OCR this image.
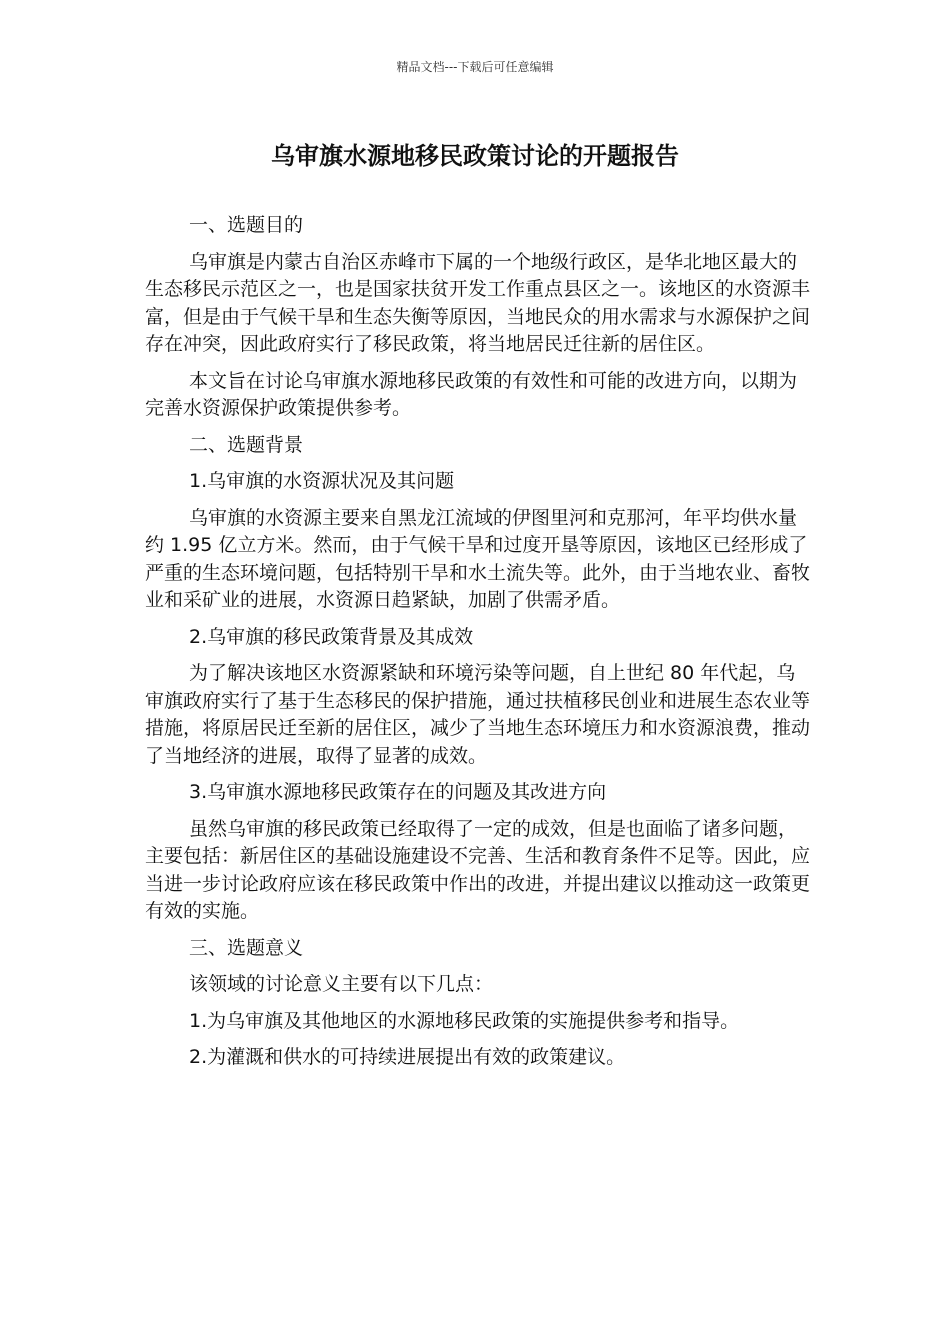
精品文档---下载后可任意编辑
乌审旗水源地移民政策讨论的开题报告
一、选题目的

乌审旗是内蒙古自治区赤峰市下属的一个地级行政区，是华北地区最大的生态移民示范区之一，也是国家扶贫开发工作重点县区之一。该地区的水资源丰富，但是由于气候干旱和生态失衡等原因，当地民众的用水需求与水源保护之间存在冲突，因此政府实行了移民政策，将当地居民迁往新的居住区。

本文旨在讨论乌审旗水源地移民政策的有效性和可能的改进方向，以期为完善水资源保护政策提供参考。

二、选题背景
1.乌审旗的水资源状况及其问题

乌审旗的水资源主要来自黑龙江流域的伊图里河和克那河，年平均供水量约 1.95 亿立方米。然而，由于气候干旱和过度开垦等原因，该地区已经形成了严重的生态环境问题，包括特别干旱和水土流失等。此外，由于当地农业、畜牧业和采矿业的进展，水资源日趋紧缺，加剧了供需矛盾。

2.乌审旗的移民政策背景及其成效

为了解决该地区水资源紧缺和环境污染等问题，自上世纪 80 年代起，乌审旗政府实行了基于生态移民的保护措施，通过扶植移民创业和进展生态农业等措施，将原居民迁至新的居住区，减少了当地生态环境压力和水资源浪费，推动了当地经济的进展，取得了显著的成效。

3.乌审旗水源地移民政策存在的问题及其改进方向

虽然乌审旗的移民政策已经取得了一定的成效，但是也面临了诸多问题，主要包括：新居住区的基础设施建设不完善、生活和教育条件不足等。因此，应当进一步讨论政府应该在移民政策中作出的改进，并提出建议以推动这一政策更有效的实施。

三、选题意义
该领域的讨论意义主要有以下几点：
1.为乌审旗及其他地区的水源地移民政策的实施提供参考和指导。
2.为灌溉和供水的可持续进展提出有效的政策建议。
